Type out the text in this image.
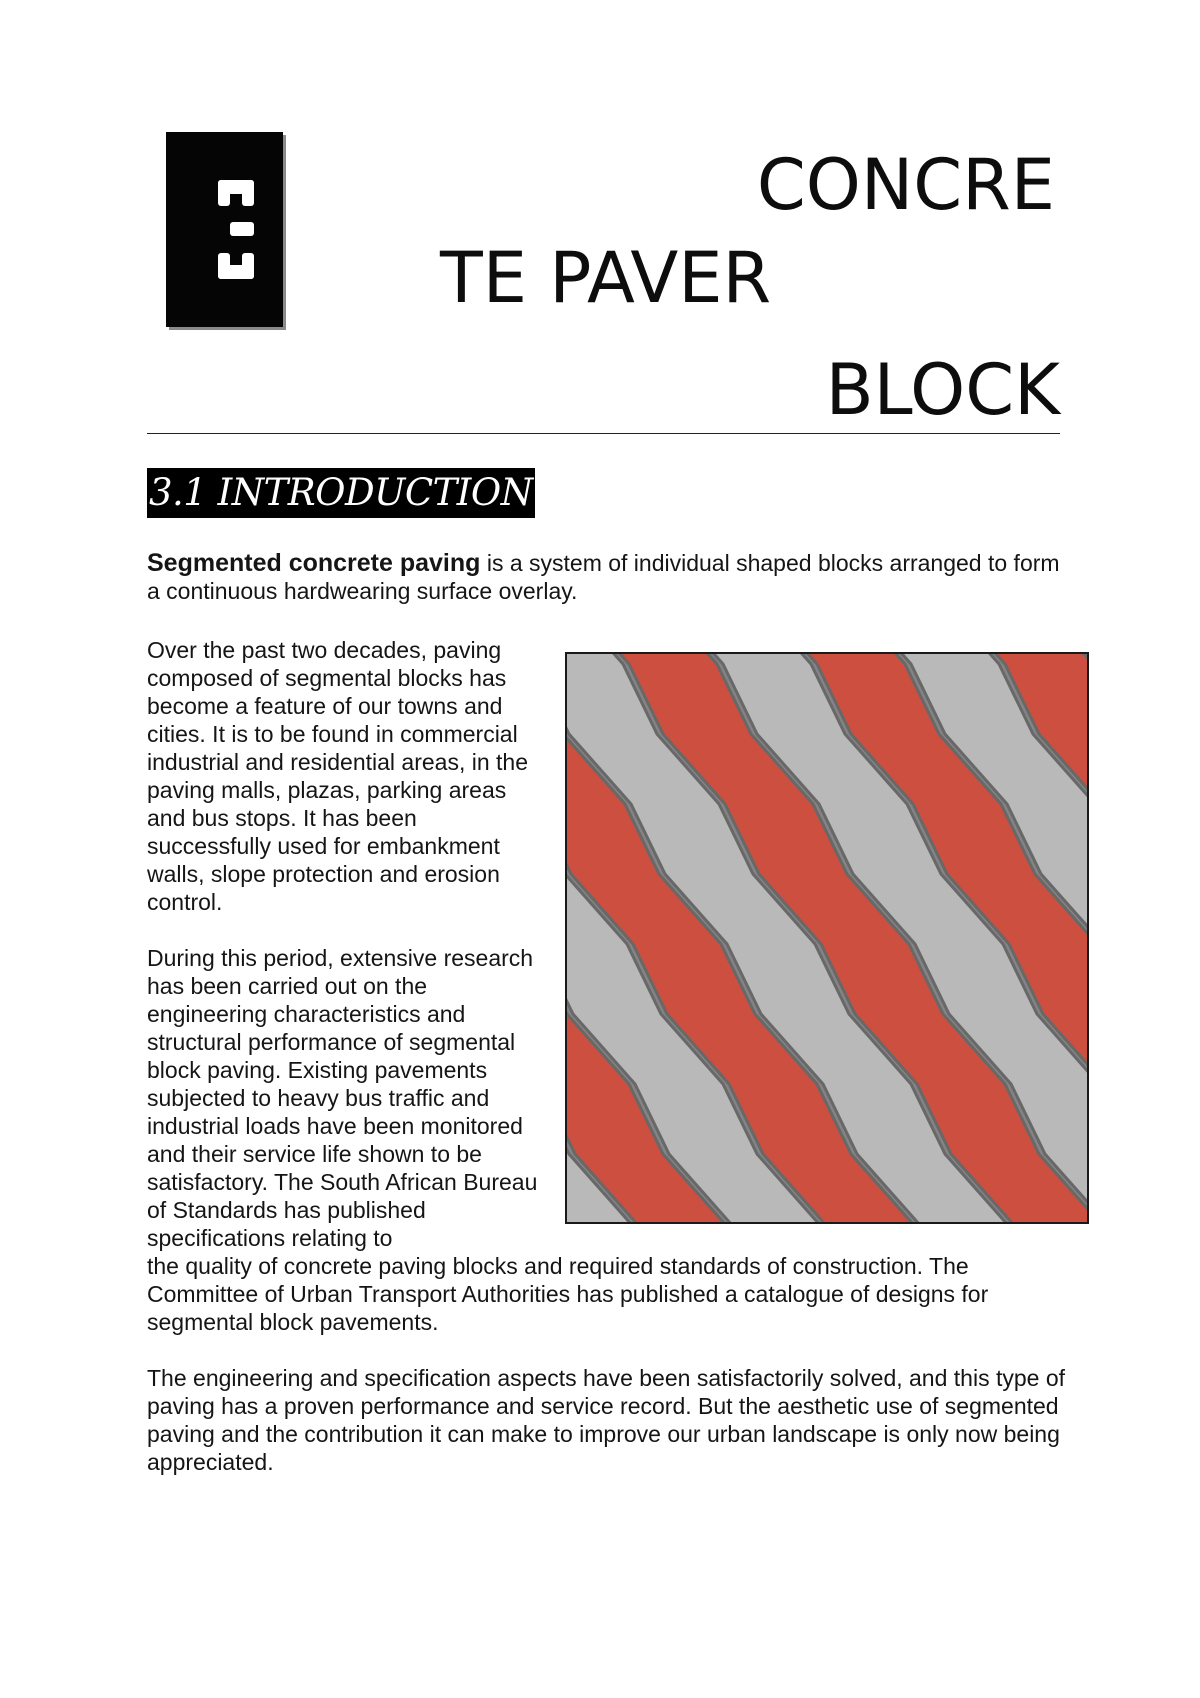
CONCRE
TE PAVER
BLOCK
3.1 INTRODUCTION

Segmented concrete paving is a system of individual shaped blocks arranged to form a continuous hardwearing surface overlay.

Over the past two decades, paving composed of segmental blocks has become a feature of our towns and cities. It is to be found in commercial industrial and residential areas, in the paving malls, plazas, parking areas and bus stops. It has been successfully used for embankment walls, slope protection and erosion control.

During this period, extensive research has been carried out on the engineering characteristics and structural performance of segmental block paving. Existing pavements subjected to heavy bus traffic and industrial loads have been monitored and their service life shown to be satisfactory. The South African Bureau of Standards has published specifications relating to

the quality of concrete paving blocks and required standards of construction. The Committee of Urban Transport Authorities has published a catalogue of designs for segmental block pavements.

The engineering and specification aspects have been satisfactorily solved, and this type of paving has a proven performance and service record. But the aesthetic use of segmented paving and the contribution it can make to improve our urban landscape is only now being appreciated.
